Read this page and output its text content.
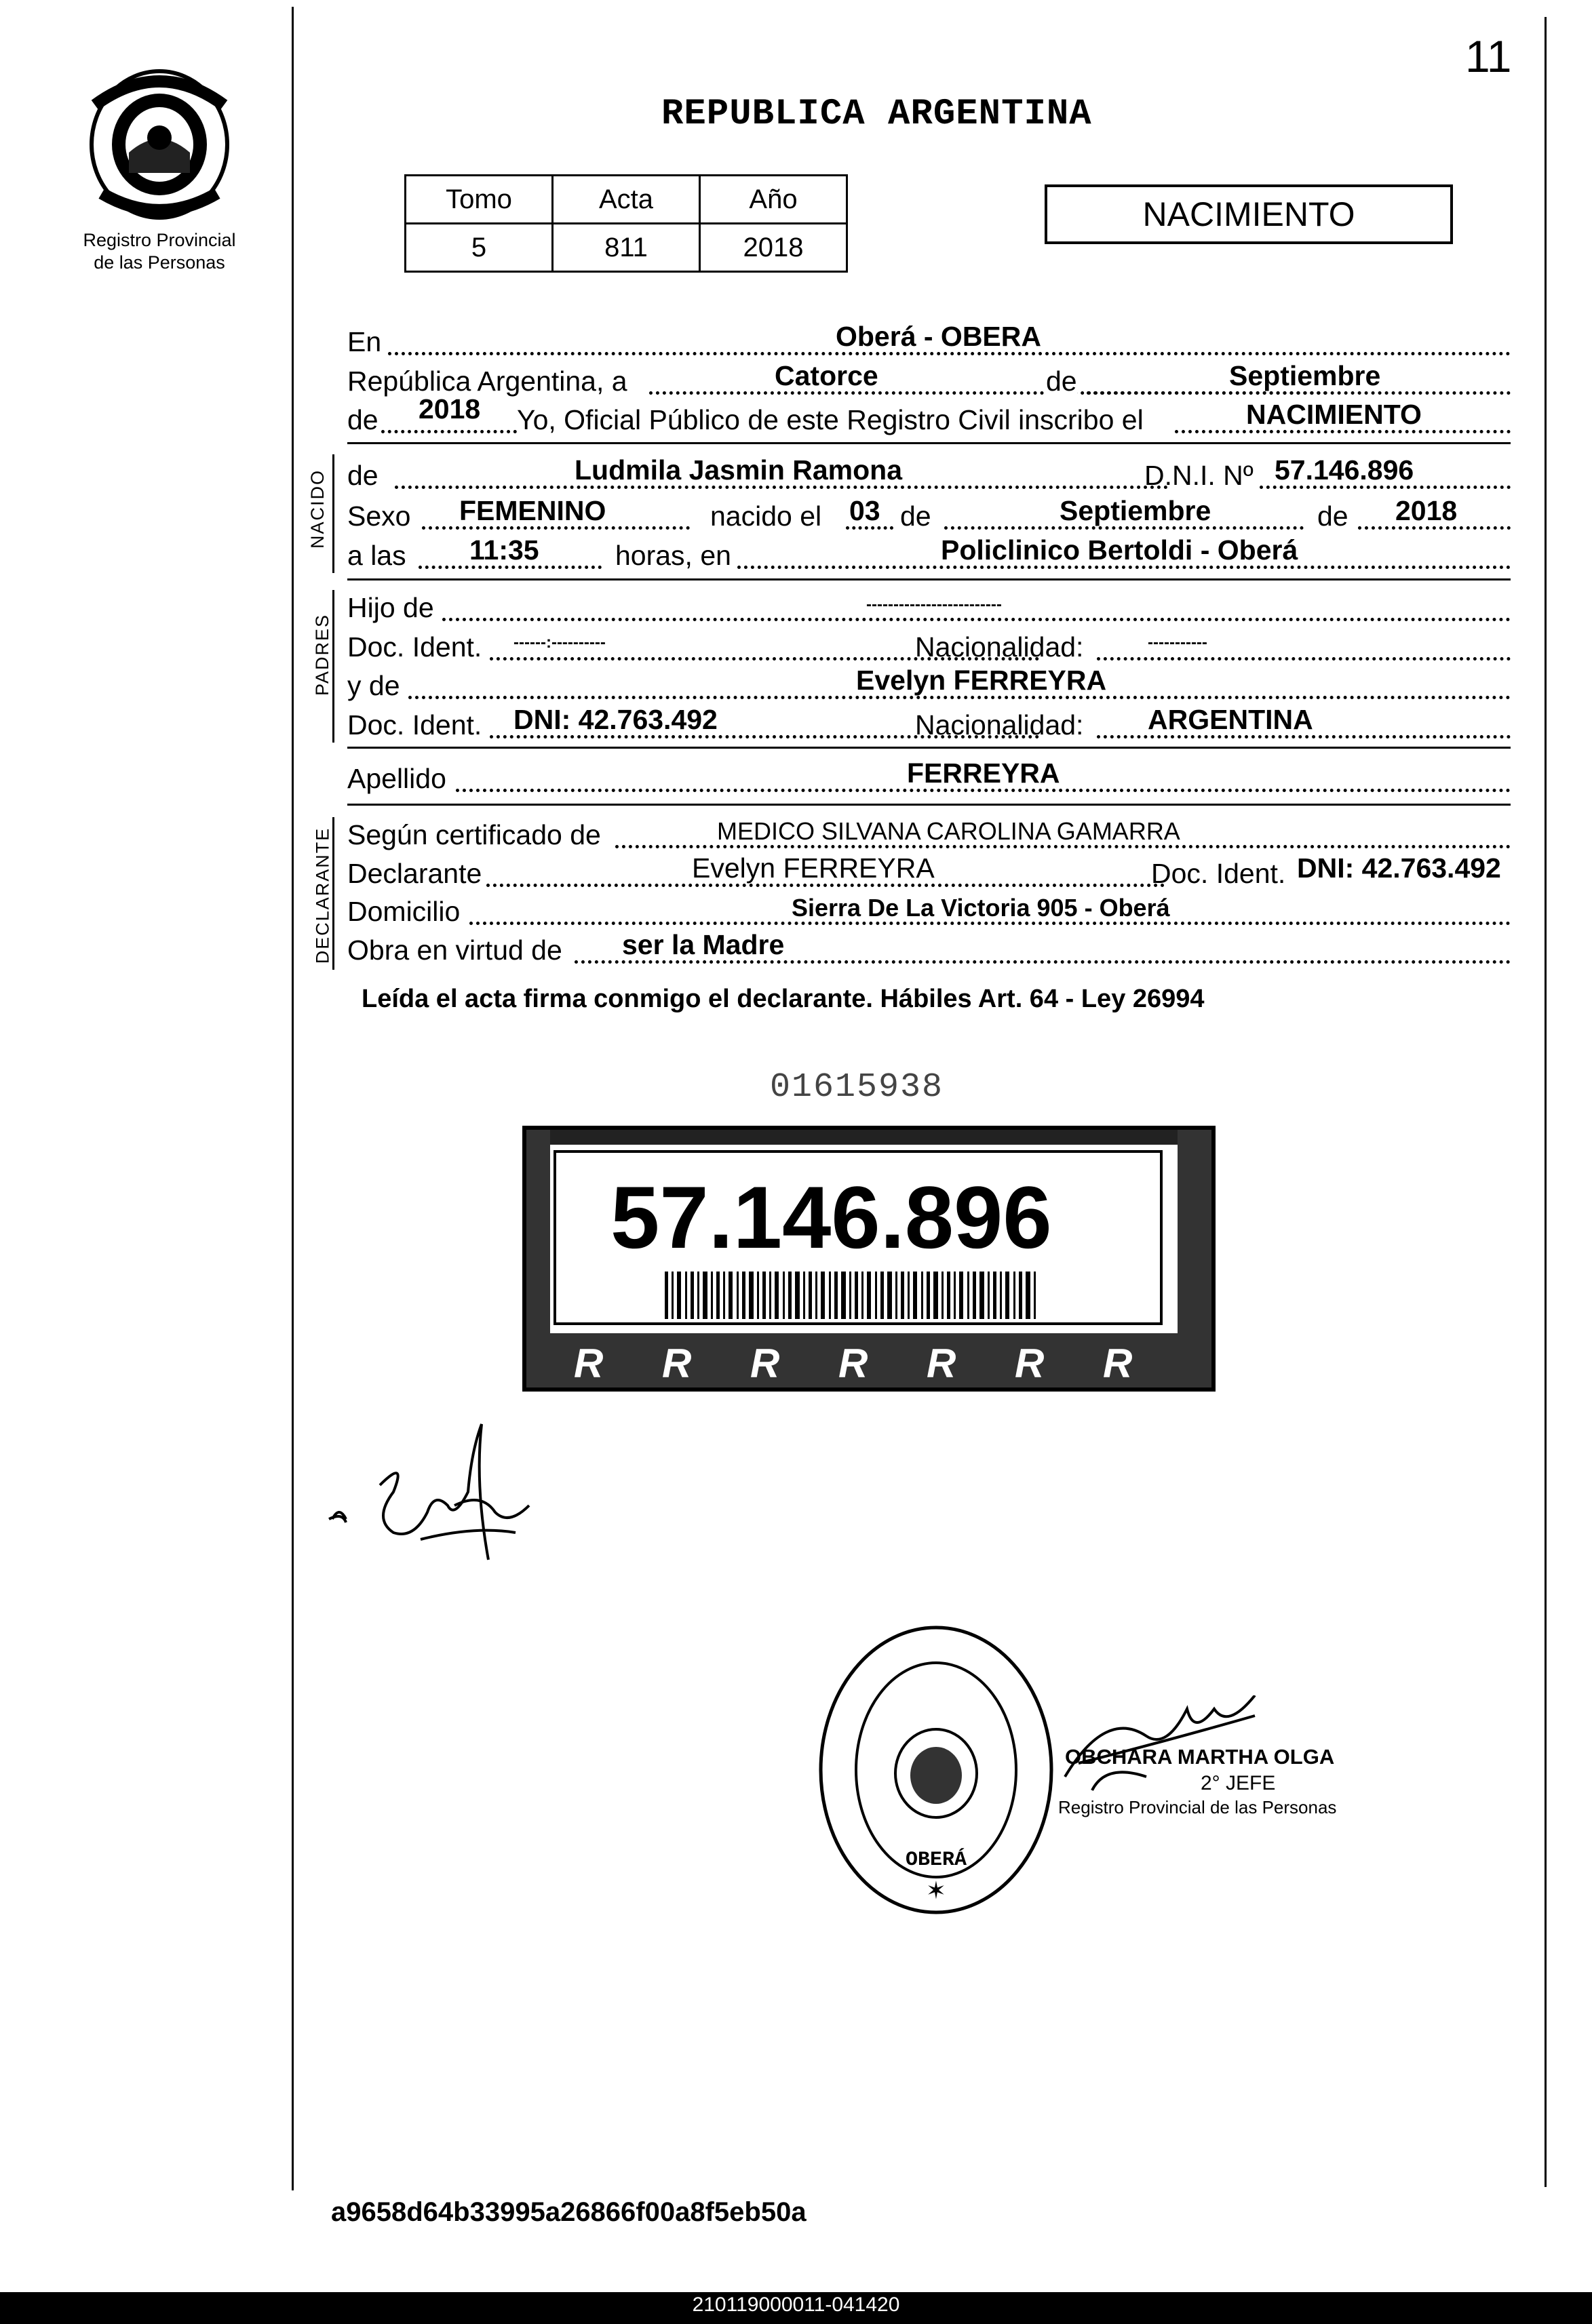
11
Registro Provincial
de las Personas
REPUBLICA ARGENTINA
Tomo	Acta	Año
5	811	2018
NACIMIENTO
En	Oberá - OBERA
República Argentina, a	Catorce	de	Septiembre
de 2018 Yo, Oficial Público de este Registro Civil inscribo el	NACIMIENTO
NACIDO de	Ludmila Jasmin Ramona	D.N.I. Nº 57.146.896
Sexo FEMENINO	nacido el 03 de	Septiembre	de 2018
a las 11:35	horas, en	Policlinico Bertoldi - Oberá
PADRES
Hijo de	-------------------------
Doc. Ident. ------:----------	Nacionalidad:	-----------
y de	Evelyn FERREYRA
Doc. Ident. DNI: 42.763.492	Nacionalidad: ARGENTINA
Apellido	FERREYRA
DECLARANTE Según certificado de	MEDICO SILVANA CAROLINA GAMARRA
Declarante	Evelyn FERREYRA	Doc. Ident. DNI: 42.763.492
Domicilio	Sierra De La Victoria 905 - Oberá
Obra en virtud de ser la Madre
Leída el acta firma conmigo el declarante. Hábiles Art. 64 - Ley 26994
01615938
R R R R R R R
57.146.896
OBERÁ
✶
OBCHARA MARTHA OLGA
2° JEFE
Registro Provincial de las Personas
a9658d64b33995a26866f00a8f5eb50a
210119000011-041420
